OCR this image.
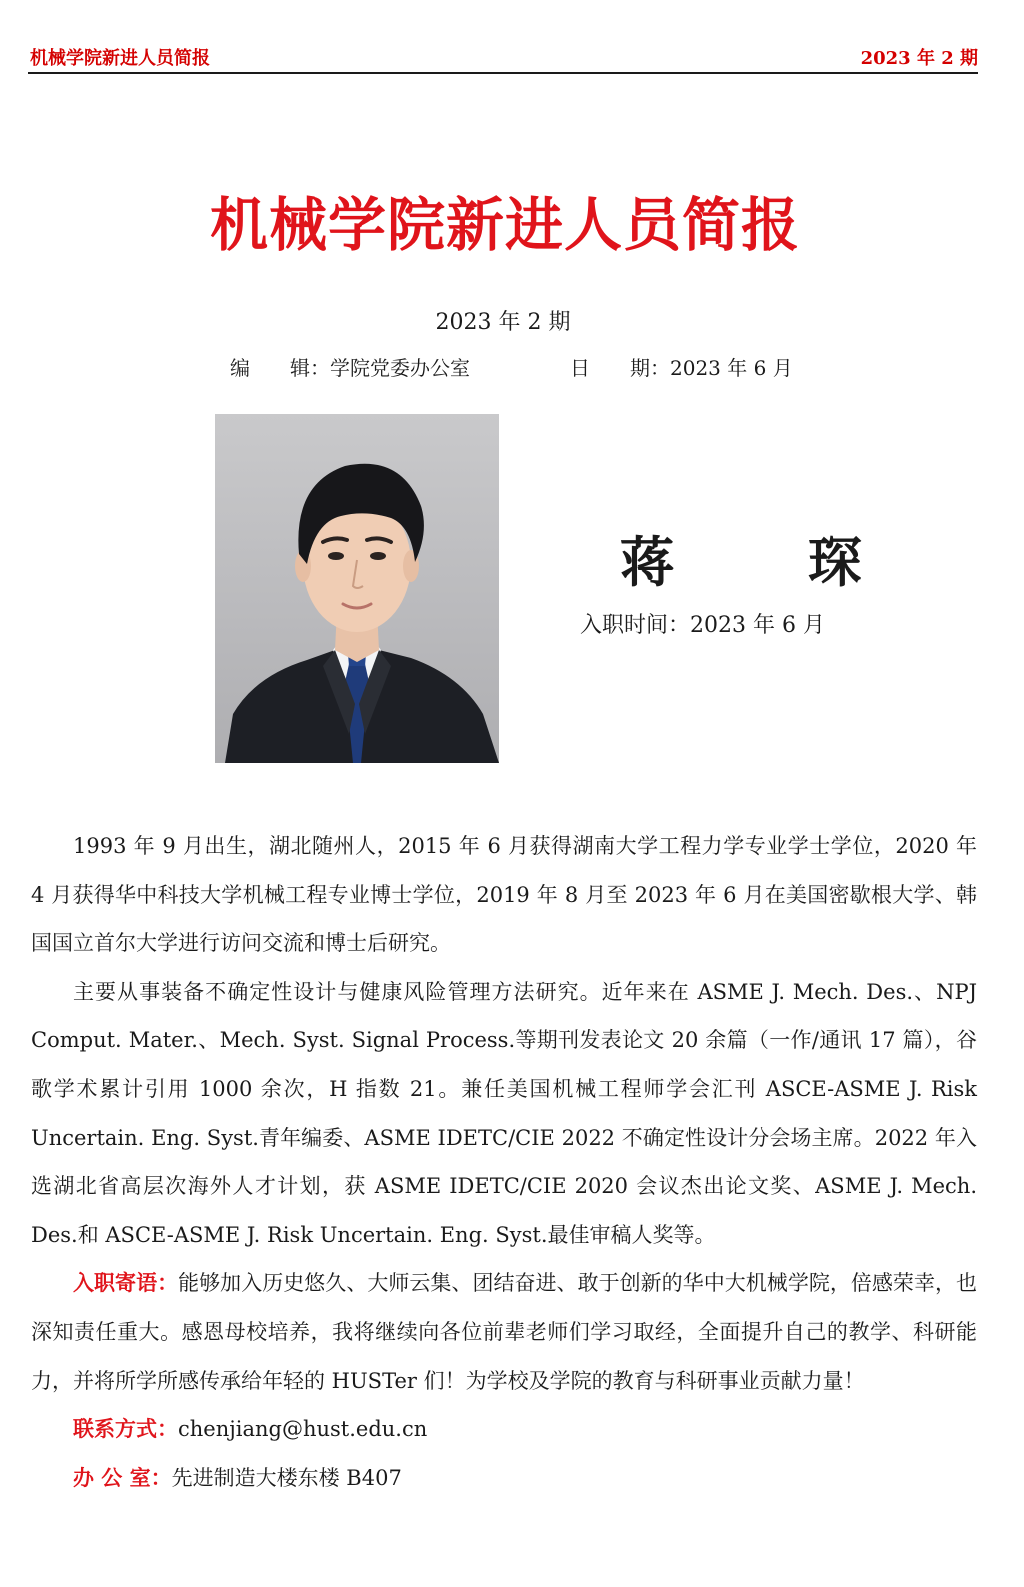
机械学院新进人员简报	2023 年 2 期
机械学院新进人员简报
2023 年 2 期
编　　辑：学院党委办公室	日　　期：2023 年 6 月
蒋　琛
入职时间：2023 年 6 月

1993 年 9 月出生，湖北随州人，2015 年 6 月获得湖南大学工程力学专业学士学位，2020 年 4 月获得华中科技大学机械工程专业博士学位，2019 年 8 月至 2023 年 6 月在美国密歇根大学、韩国国立首尔大学进行访问交流和博士后研究。

主要从事装备不确定性设计与健康风险管理方法研究。近年来在 ASME J. Mech. Des.、NPJ Comput. Mater.、Mech. Syst. Signal Process.等期刊发表论文 20 余篇（一作/通讯 17 篇），谷歌学术累计引用 1000 余次，H 指数 21。兼任美国机械工程师学会汇刊 ASCE-ASME J. Risk Uncertain. Eng. Syst.青年编委、ASME IDETC/CIE 2022 不确定性设计分会场主席。2022 年入选湖北省高层次海外人才计划，获 ASME IDETC/CIE 2020 会议杰出论文奖、ASME J. Mech. Des.和 ASCE-ASME J. Risk Uncertain. Eng. Syst.最佳审稿人奖等。

入职寄语：能够加入历史悠久、大师云集、团结奋进、敢于创新的华中大机械学院，倍感荣幸，也深知责任重大。感恩母校培养，我将继续向各位前辈老师们学习取经，全面提升自己的教学、科研能力，并将所学所感传承给年轻的 HUSTer 们！为学校及学院的教育与科研事业贡献力量！

联系方式：chenjiang@hust.edu.cn

办 公 室：先进制造大楼东楼 B407
